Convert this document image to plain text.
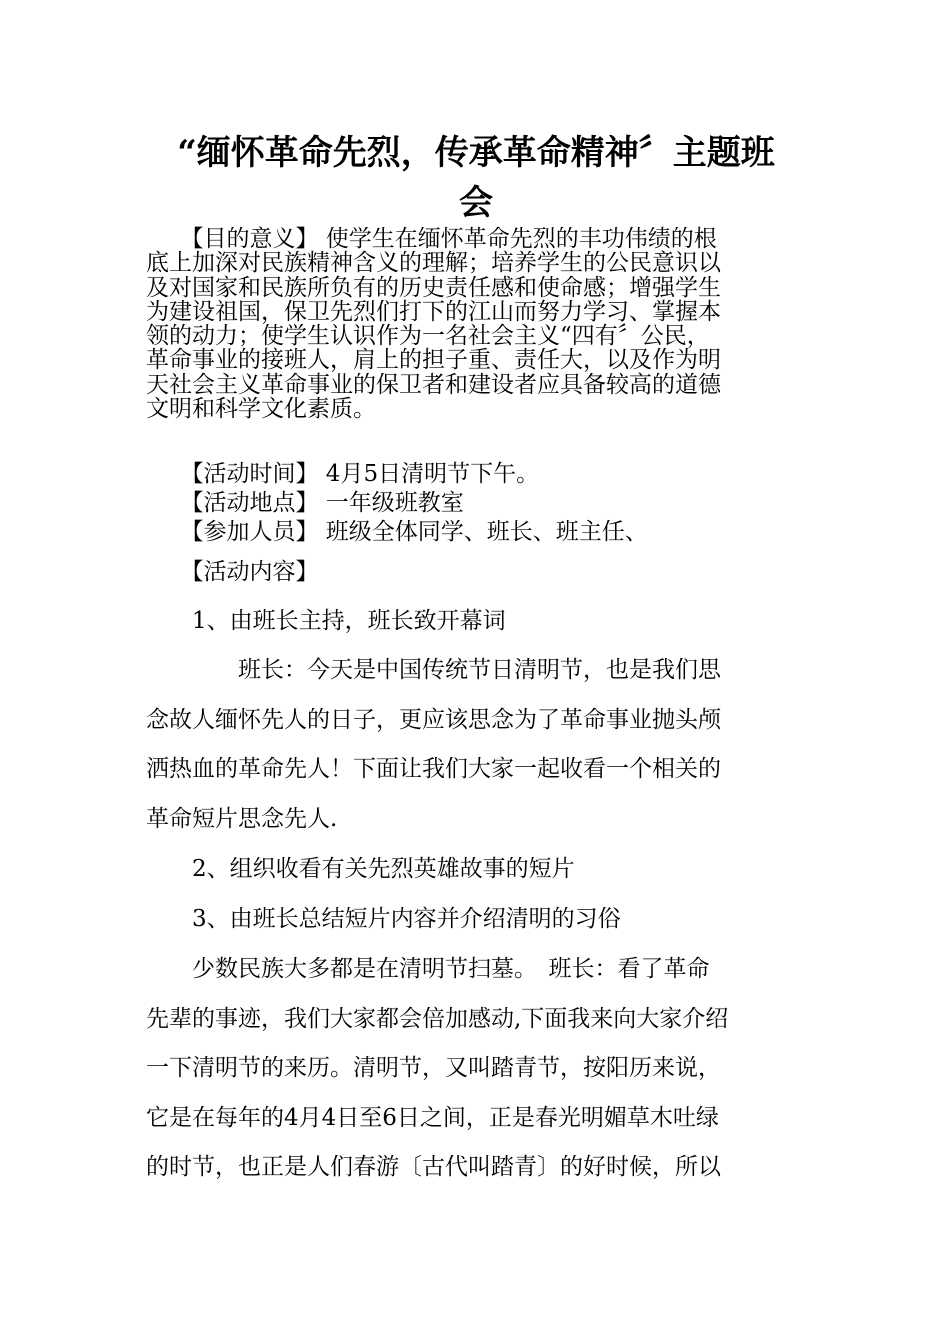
“缅怀革命先烈，传承革命精神〞主题班
会
　　【目的意义】 使学生在缅怀革命先烈的丰功伟绩的根
底上加深对民族精神含义的理解；培养学生的公民意识以
及对国家和民族所负有的历史责任感和使命感；增强学生
为建设祖国，保卫先烈们打下的江山而努力学习、掌握本
领的动力；使学生认识作为一名社会主义“四有〞公民，
革命事业的接班人，肩上的担子重、责任大，以及作为明
天社会主义革命事业的保卫者和建设者应具备较高的道德
文明和科学文化素质。
　　【活动时间】 4月5日清明节下午。
　　【活动地点】 一年级班教室
　　【参加人员】 班级全体同学、班长、班主任、
　　【活动内容】
　　1、由班长主持，班长致开幕词
　　　　班长：今天是中国传统节日清明节，也是我们思
念故人缅怀先人的日子，更应该思念为了革命事业抛头颅
洒热血的革命先人！下面让我们大家一起收看一个相关的
革命短片思念先人.
　　2、组织收看有关先烈英雄故事的短片
　　3、由班长总结短片内容并介绍清明的习俗
　　少数民族大多都是在清明节扫墓。　班长：看了革命
先辈的事迹，我们大家都会倍加感动,下面我来向大家介绍
一下清明节的来历。清明节，又叫踏青节，按阳历来说，
它是在每年的4月4日至6日之间，正是春光明媚草木吐绿
的时节，也正是人们春游〔古代叫踏青〕的好时候，所以
